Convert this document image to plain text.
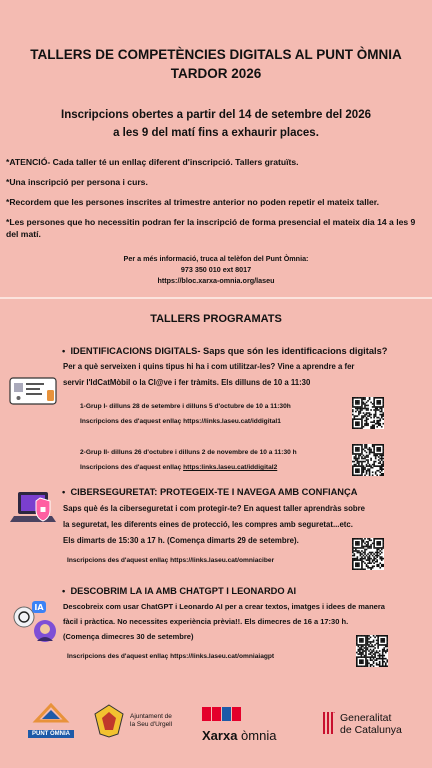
TALLERS DE COMPETÈNCIES DIGITALS AL PUNT ÒMNIA
TARDOR 2026
Inscripcions obertes a partir del 14 de setembre del 2026
a les 9 del matí fins a exhaurir places.
*ATENCIÓ- Cada taller té un enllaç diferent d'inscripció. Tallers gratuïts.
*Una inscripció per persona i curs.
*Recordem que les persones inscrites al trimestre anterior no poden repetir el mateix taller.
*Les persones que ho necessitin podran fer la inscripció de forma presencial el mateix dia 14 a les 9 del matí.
Per a més informació, truca al telèfon del Punt Òmnia:
973 350 010 ext 8017
https://bloc.xarxa-omnia.org/laseu
TALLERS PROGRAMATS
• IDENTIFICACIONS DIGITALS- Saps que són les identificacions digitals?
Per a què serveixen i quins tipus hi ha i com utilitzar-les? Vine a aprendre a fer
servir l'IdCatMòbil o la Cl@ve i fer tràmits. Els dilluns de 10 a 11:30
1-Grup I- dilluns 28 de setembre i dilluns 5 d'octubre de 10 a 11:30h
Inscripcions des d'aquest enllaç https://links.laseu.cat/iddigital1
2-Grup II- dilluns 26 d'octubre i dilluns 2 de novembre de 10 a 11:30 h
Inscripcions des d'aquest enllaç https:links.laseu.cat/iddigital2
• CIBERSEGURETAT: PROTEGEIX-TE I NAVEGA AMB CONFIANÇA
Saps què és la ciberseguretat i com protegir-te? En aquest taller aprendràs sobre
la seguretat, les diferents eines de protecció, les compres amb seguretat...etc.
Els dimarts de 15:30 a 17 h. (Comença dimarts 29 de setembre).
Inscripcions des d'aquest enllaç https://links.laseu.cat/omniaciber
• DESCOBRIM LA IA AMB CHATGPT I LEONARDO AI
IA	Descobreix com usar ChatGPT i Leonardo AI per a crear textos, imatges i idees de manera
fàcil i pràctica. No necessites experiència prèvia!!. Els dimecres de 16 a 17:30 h.
(Comença dimecres 30 de setembre)
Inscripcions des d'aquest enllaç https://links.laseu.cat/omniaiagpt
PUNT ÒMNIA
Ajuntament de
la Seu d'Urgell
Xarxa òmnia
Generalitat
de Catalunya
